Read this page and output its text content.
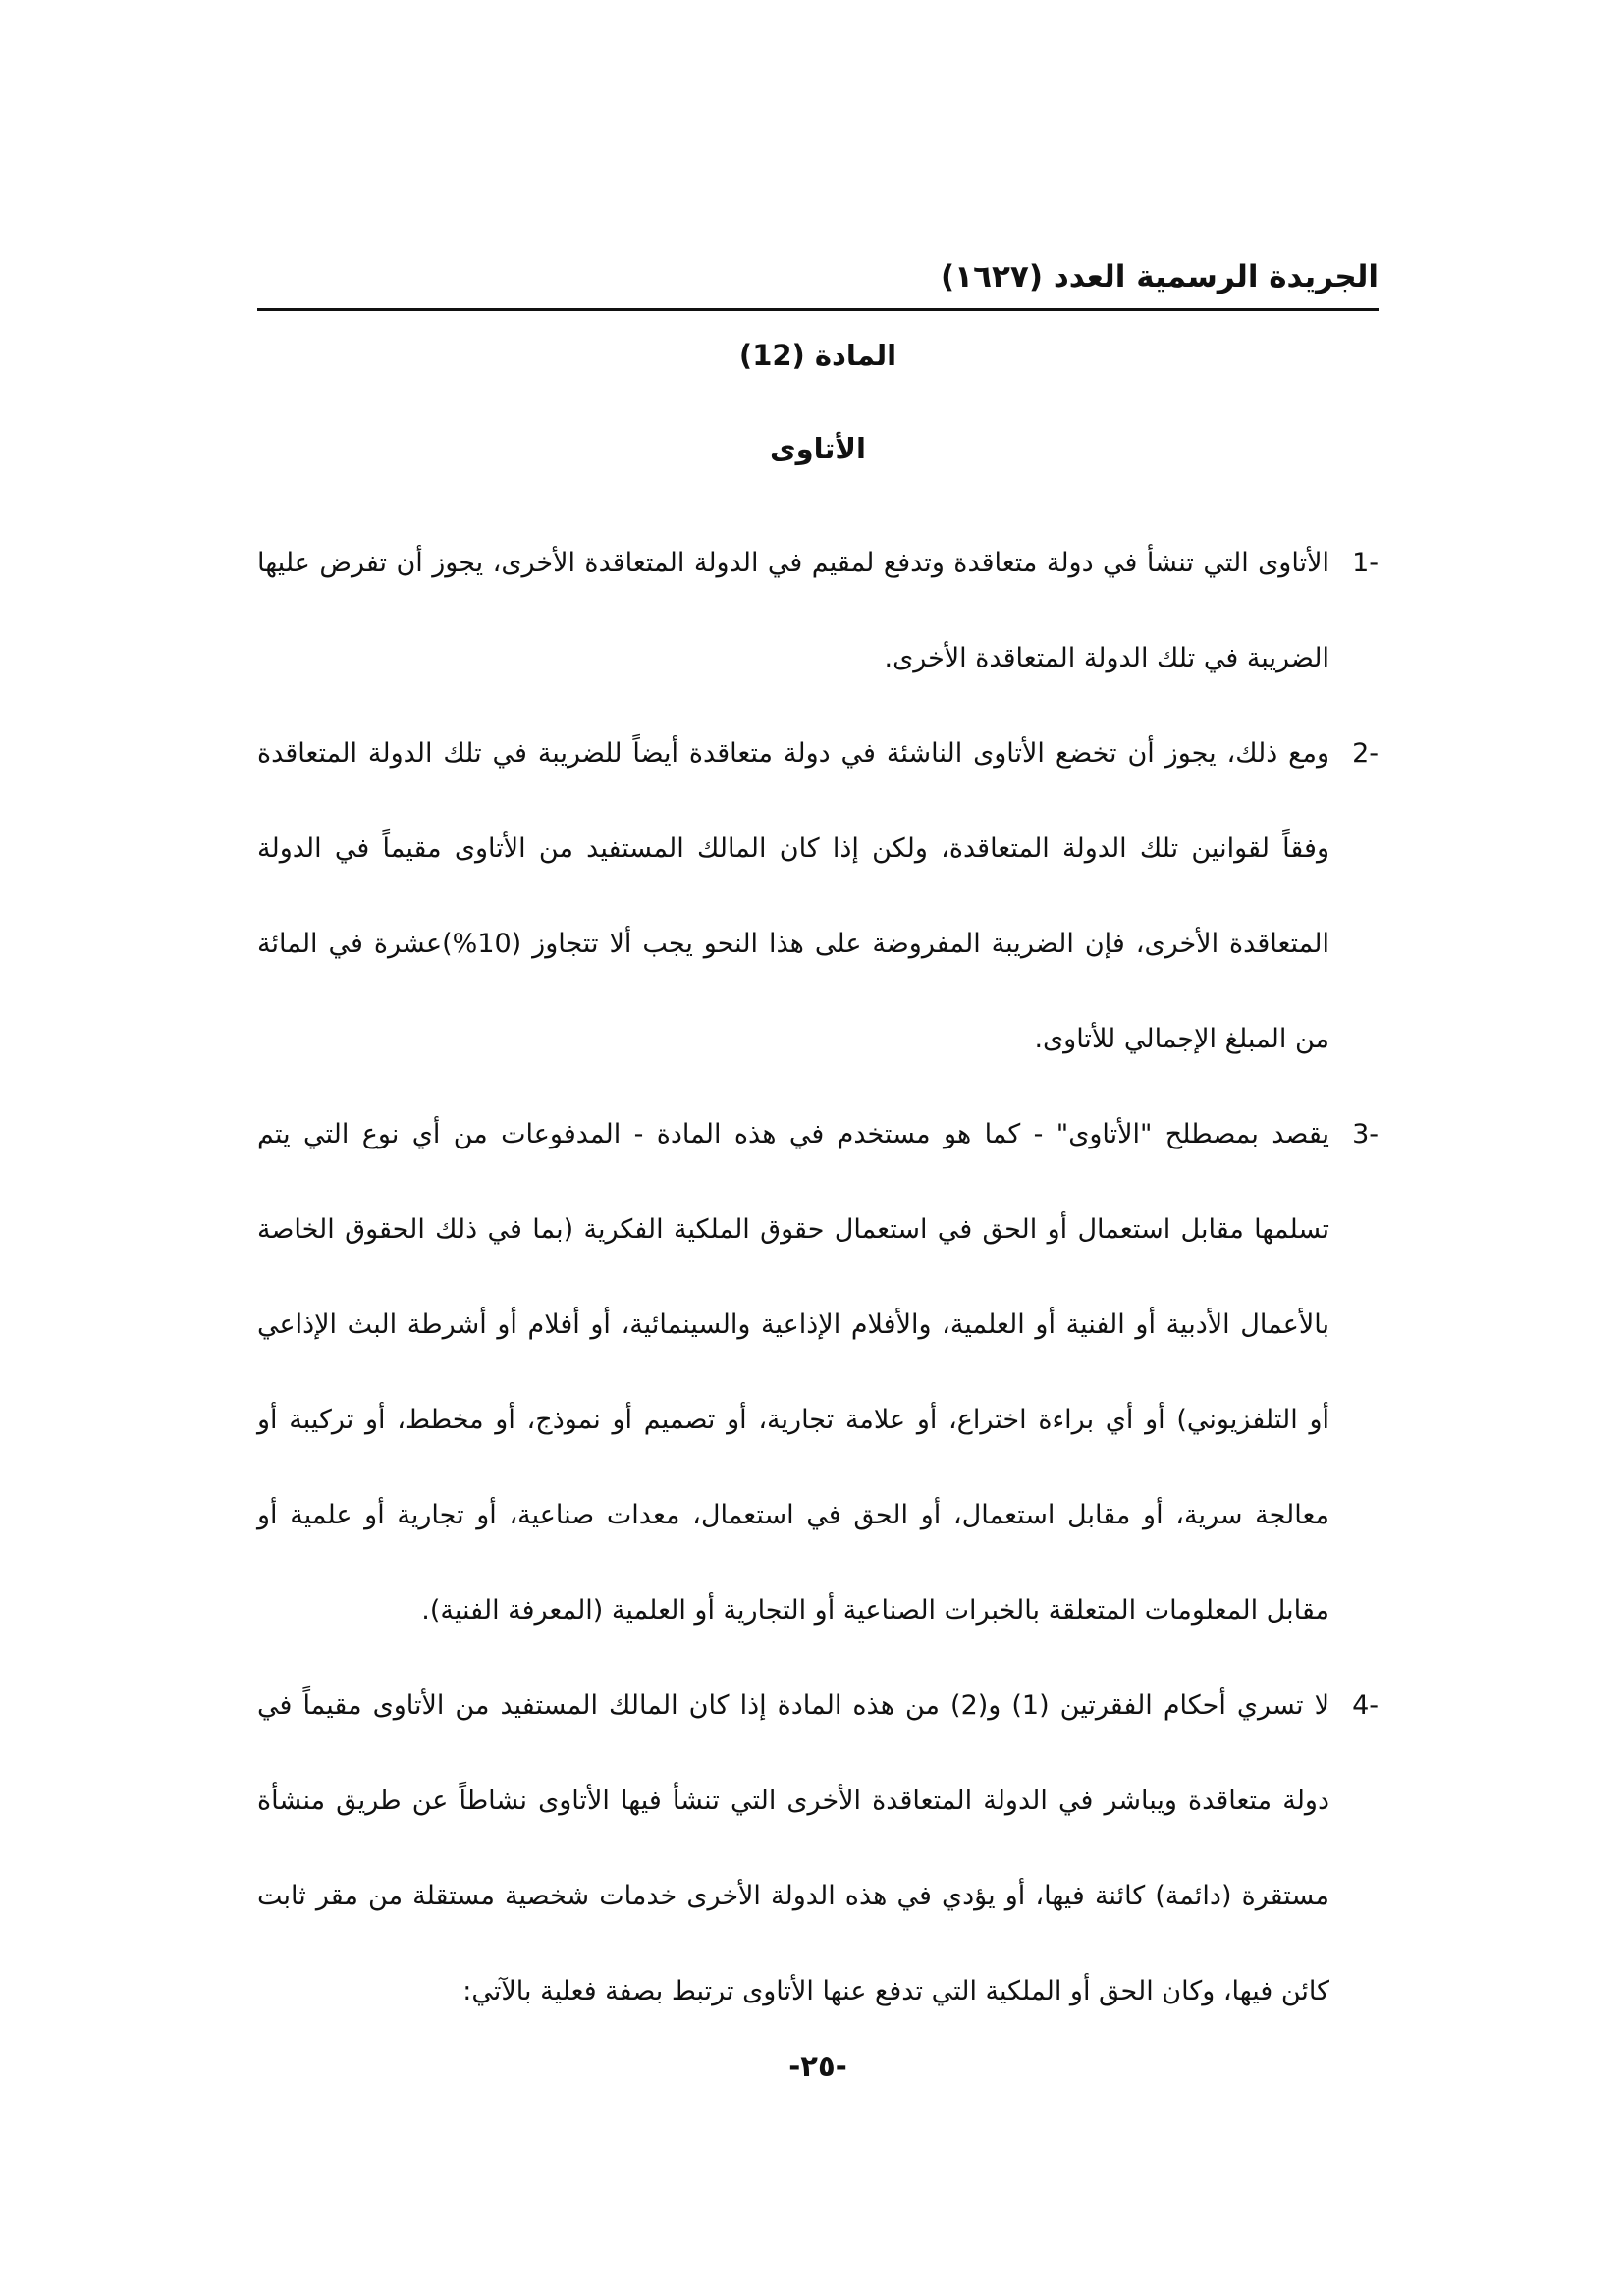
الجريدة الرسمية العدد (١٦٢٧)
المادة (12)
الأتاوى
-1
الأتاوى التي تنشأ في دولة متعاقدة وتدفع لمقيم في الدولة المتعاقدة الأخرى، يجوز أن تفرض عليها الضريبة في تلك الدولة المتعاقدة الأخرى.
-2
ومع ذلك، يجوز أن تخضع الأتاوى الناشئة في دولة متعاقدة أيضاً للضريبة في تلك الدولة المتعاقدة وفقاً لقوانين تلك الدولة المتعاقدة، ولكن إذا كان المالك المستفيد من الأتاوى مقيماً في الدولة المتعاقدة الأخرى، فإن الضريبة المفروضة على هذا النحو يجب ألا تتجاوز (10%)عشرة في المائة من المبلغ الإجمالي للأتاوى.
-3
يقصد بمصطلح "الأتاوى" - كما هو مستخدم في هذه المادة - المدفوعات من أي نوع التي يتم تسلمها مقابل استعمال أو الحق في استعمال حقوق الملكية الفكرية (بما في ذلك الحقوق الخاصة بالأعمال الأدبية أو الفنية أو العلمية، والأفلام الإذاعية والسينمائية، أو أفلام أو أشرطة البث الإذاعي أو التلفزيوني) أو أي براءة اختراع، أو علامة تجارية، أو تصميم أو نموذج، أو مخطط، أو تركيبة أو معالجة سرية، أو مقابل استعمال، أو الحق في استعمال، معدات صناعية، أو تجارية أو علمية أو مقابل المعلومات المتعلقة بالخبرات الصناعية أو التجارية أو العلمية (المعرفة الفنية).
-4
لا تسري أحكام الفقرتين (1) و(2) من هذه المادة إذا كان المالك المستفيد من الأتاوى مقيماً في دولة متعاقدة ويباشر في الدولة المتعاقدة الأخرى التي تنشأ فيها الأتاوى نشاطاً عن طريق منشأة مستقرة (دائمة) كائنة فيها، أو يؤدي في هذه الدولة الأخرى خدمات شخصية مستقلة من مقر ثابت كائن فيها، وكان الحق أو الملكية التي تدفع عنها الأتاوى ترتبط بصفة فعلية بالآتي:
-٢٥-
